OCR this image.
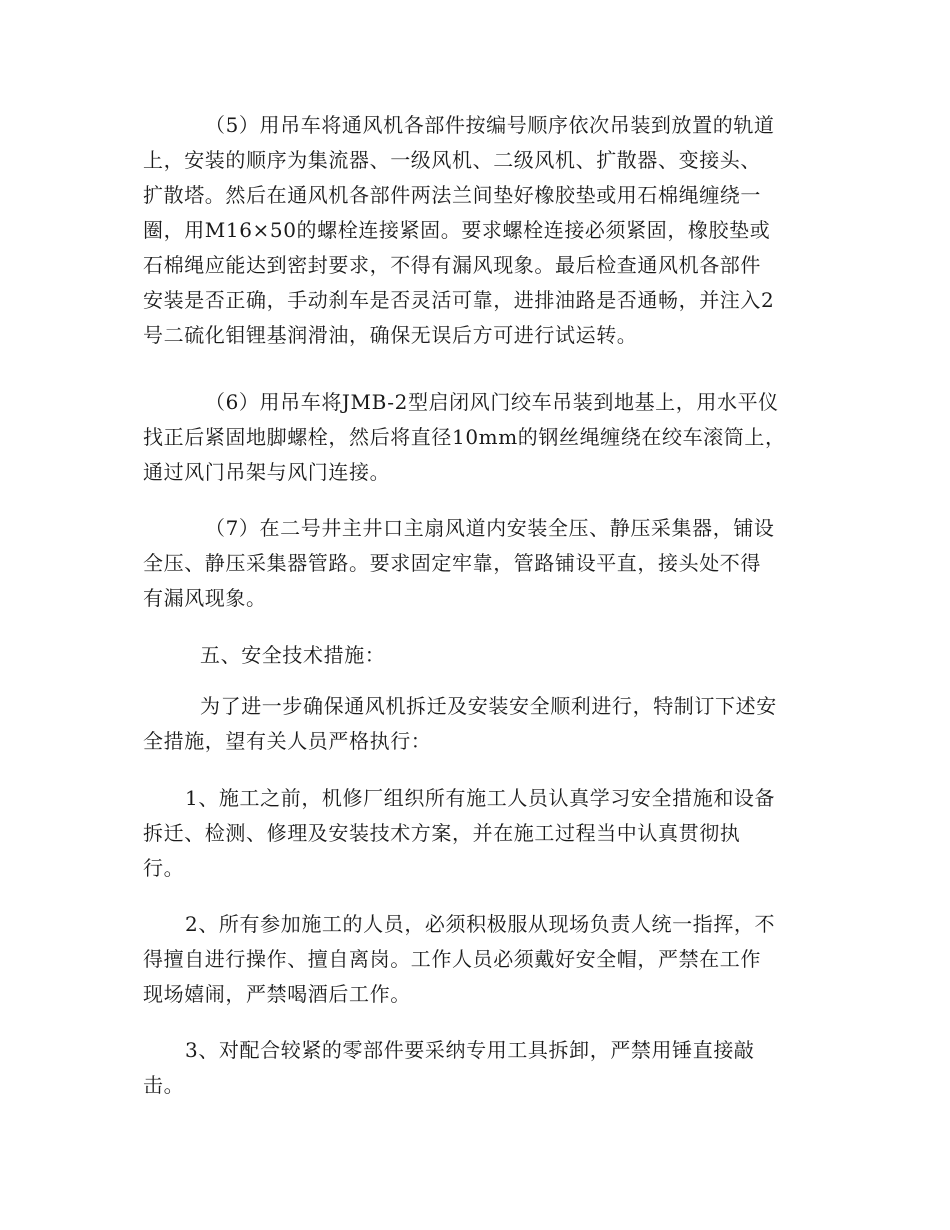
（5）用吊车将通风机各部件按编号顺序依次吊装到放置的轨道
上，安装的顺序为集流器、一级风机、二级风机、扩散器、变接头、
扩散塔。然后在通风机各部件两法兰间垫好橡胶垫或用石棉绳缠绕一
圈，用M16×50的螺栓连接紧固。要求螺栓连接必须紧固，橡胶垫或
石棉绳应能达到密封要求，不得有漏风现象。最后检查通风机各部件
安装是否正确，手动刹车是否灵活可靠，进排油路是否通畅，并注入2
号二硫化钼锂基润滑油，确保无误后方可进行试运转。
（6）用吊车将JMB-2型启闭风门绞车吊装到地基上，用水平仪
找正后紧固地脚螺栓，然后将直径10mm的钢丝绳缠绕在绞车滚筒上，
通过风门吊架与风门连接。
（7）在二号井主井口主扇风道内安装全压、静压采集器，铺设
全压、静压采集器管路。要求固定牢靠，管路铺设平直，接头处不得
有漏风现象。
五、安全技术措施：
为了进一步确保通风机拆迁及安装安全顺利进行，特制订下述安
全措施，望有关人员严格执行：
1、施工之前，机修厂组织所有施工人员认真学习安全措施和设备
拆迁、检测、修理及安装技术方案，并在施工过程当中认真贯彻执
行。
2、所有参加施工的人员，必须积极服从现场负责人统一指挥，不
得擅自进行操作、擅自离岗。工作人员必须戴好安全帽，严禁在工作
现场嬉闹，严禁喝酒后工作。
3、对配合较紧的零部件要采纳专用工具拆卸，严禁用锤直接敲
击。
